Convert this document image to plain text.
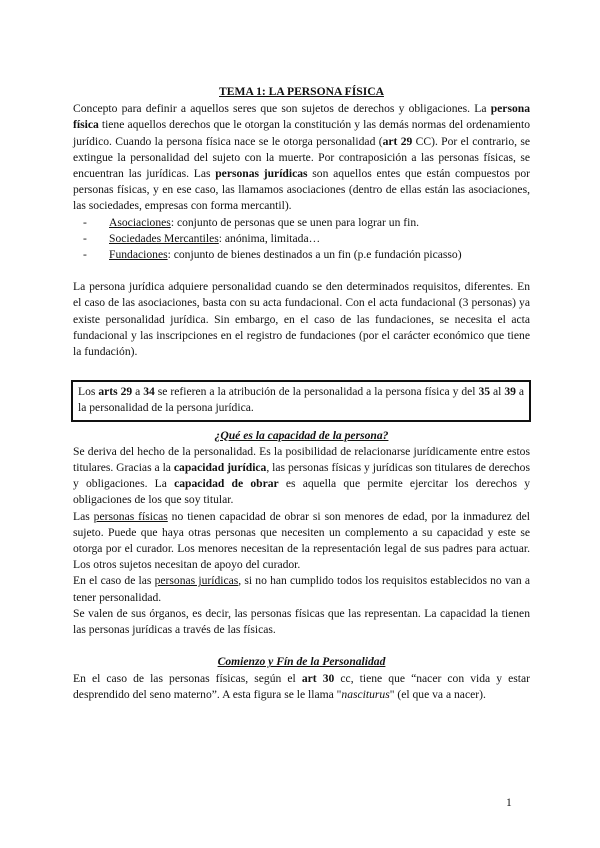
TEMA 1: LA PERSONA FÍSICA

Concepto para definir a aquellos seres que son sujetos de derechos y obligaciones. La persona física tiene aquellos derechos que le otorgan la constitución y las demás normas del ordenamiento jurídico. Cuando la persona física nace se le otorga personalidad (art 29 CC). Por el contrario, se extingue la personalidad del sujeto con la muerte. Por contraposición a las personas físicas, se encuentran las jurídicas. Las personas jurídicas son aquellos entes que están compuestos por personas físicas, y en ese caso, las llamamos asociaciones (dentro de ellas están las asociaciones, las sociedades, empresas con forma mercantil).

- Asociaciones: conjunto de personas que se unen para lograr un fin.
- Sociedades Mercantiles: anónima, limitada…
- Fundaciones: conjunto de bienes destinados a un fin (p.e fundación picasso)

La persona jurídica adquiere personalidad cuando se den determinados requisitos, diferentes. En el caso de las asociaciones, basta con su acta fundacional. Con el acta fundacional (3 personas) ya existe personalidad jurídica. Sin embargo, en el caso de las fundaciones, se necesita el acta fundacional y las inscripciones en el registro de fundaciones (por el carácter económico que tiene la fundación).

Los arts 29 a 34 se refieren a la atribución de la personalidad a la persona física y del 35 al 39 a la personalidad de la persona jurídica.
¿Qué es la capacidad de la persona?

Se deriva del hecho de la personalidad. Es la posibilidad de relacionarse jurídicamente entre estos titulares. Gracias a la capacidad jurídica, las personas físicas y jurídicas son titulares de derechos y obligaciones. La capacidad de obrar es aquella que permite ejercitar los derechos y obligaciones de los que soy titular.

Las personas físicas no tienen capacidad de obrar si son menores de edad, por la inmadurez del sujeto. Puede que haya otras personas que necesiten un complemento a su capacidad y este se otorga por el curador. Los menores necesitan de la representación legal de sus padres para actuar. Los otros sujetos necesitan de apoyo del curador.

En el caso de las personas jurídicas, si no han cumplido todos los requisitos establecidos no van a tener personalidad.

Se valen de sus órganos, es decir, las personas físicas que las representan. La capacidad la tienen las personas jurídicas a través de las físicas.

Comienzo y Fín de la Personalidad

En el caso de las personas físicas, según el art 30 cc, tiene que “nacer con vida y estar desprendido del seno materno”. A esta figura se le llama "nasciturus" (el que va a nacer).

1
